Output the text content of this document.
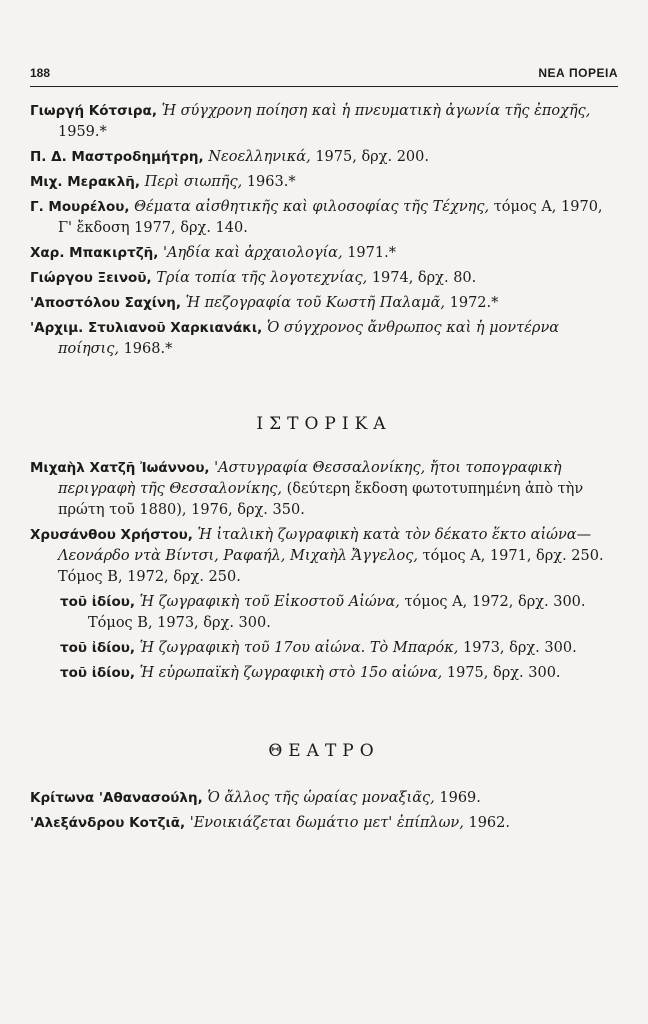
188	ΝΕΑ ΠΟΡΕΙΑ
Γιωργή Κότσιρα, Ἡ σύγχρονη ποίηση καὶ ἡ πνευματικὴ ἀγωνία τῆς ἐποχῆς, 1959.*
Π. Δ. Μαστροδημήτρη, Νεοελληνικά, 1975, δρχ. 200.
Μιχ. Μερακλῆ, Περὶ σιωπῆς, 1963.*
Γ. Μουρέλου, Θέματα αἰσθητικῆς καὶ φιλοσοφίας τῆς Τέχνης, τόμος Α, 1970, Γ' ἔκδοση 1977, δρχ. 140.
Χαρ. Μπακιρτζῆ, 'Αηδία καὶ ἀρχαιολογία, 1971.*
Γιώργου Ξεινοῦ, Τρία τοπία τῆς λογοτεχνίας, 1974, δρχ. 80.
'Αποστόλου Σαχίνη, Ἡ πεζογραφία τοῦ Κωστῆ Παλαμᾶ, 1972.*
'Αρχιμ. Στυλιανοῦ Χαρκιανάκι, Ὁ σύγχρονος ἄνθρωπος καὶ ἡ μοντέρνα ποίησις, 1968.*
ΙΣΤΟΡΙΚΑ
Μιχαὴλ Χατζῆ Ἰωάννου, 'Αστυγραφία Θεσσαλονίκης, ἤτοι τοπογραφικὴ περιγραφὴ τῆς Θεσσαλονίκης, (δεύτερη ἔκδοση φωτοτυπημένη ἀπὸ τὴν πρώτη τοῦ 1880), 1976, δρχ. 350.
Χρυσάνθου Χρήστου, Ἡ ἰταλικὴ ζωγραφικὴ κατὰ τὸν δέκατο ἕκτο αἰώνα— Λεονάρδο ντὰ Βίντσι, Ραφαήλ, Μιχαὴλ Ἄγγελος, τόμος Α, 1971, δρχ. 250. Τόμος Β, 1972, δρχ. 250.
τοῦ ἰδίου, Ἡ ζωγραφικὴ τοῦ Εἰκοστοῦ Αἰώνα, τόμος Α, 1972, δρχ. 300. Τόμος Β, 1973, δρχ. 300.
τοῦ ἰδίου, Ἡ ζωγραφικὴ τοῦ 17ου αἰώνα. Τὸ Μπαρόκ, 1973, δρχ. 300.
τοῦ ἰδίου, Ἡ εὐρωπαϊκὴ ζωγραφικὴ στὸ 15ο αἰώνα, 1975, δρχ. 300.
ΘΕΑΤΡΟ
Κρίτωνα 'Αθανασούλη, Ὁ ἄλλος τῆς ὡραίας μοναξιᾶς, 1969.
'Αλεξάνδρου Κοτζιᾶ, 'Ενοικιάζεται δωμάτιο μετ' ἐπίπλων, 1962.
